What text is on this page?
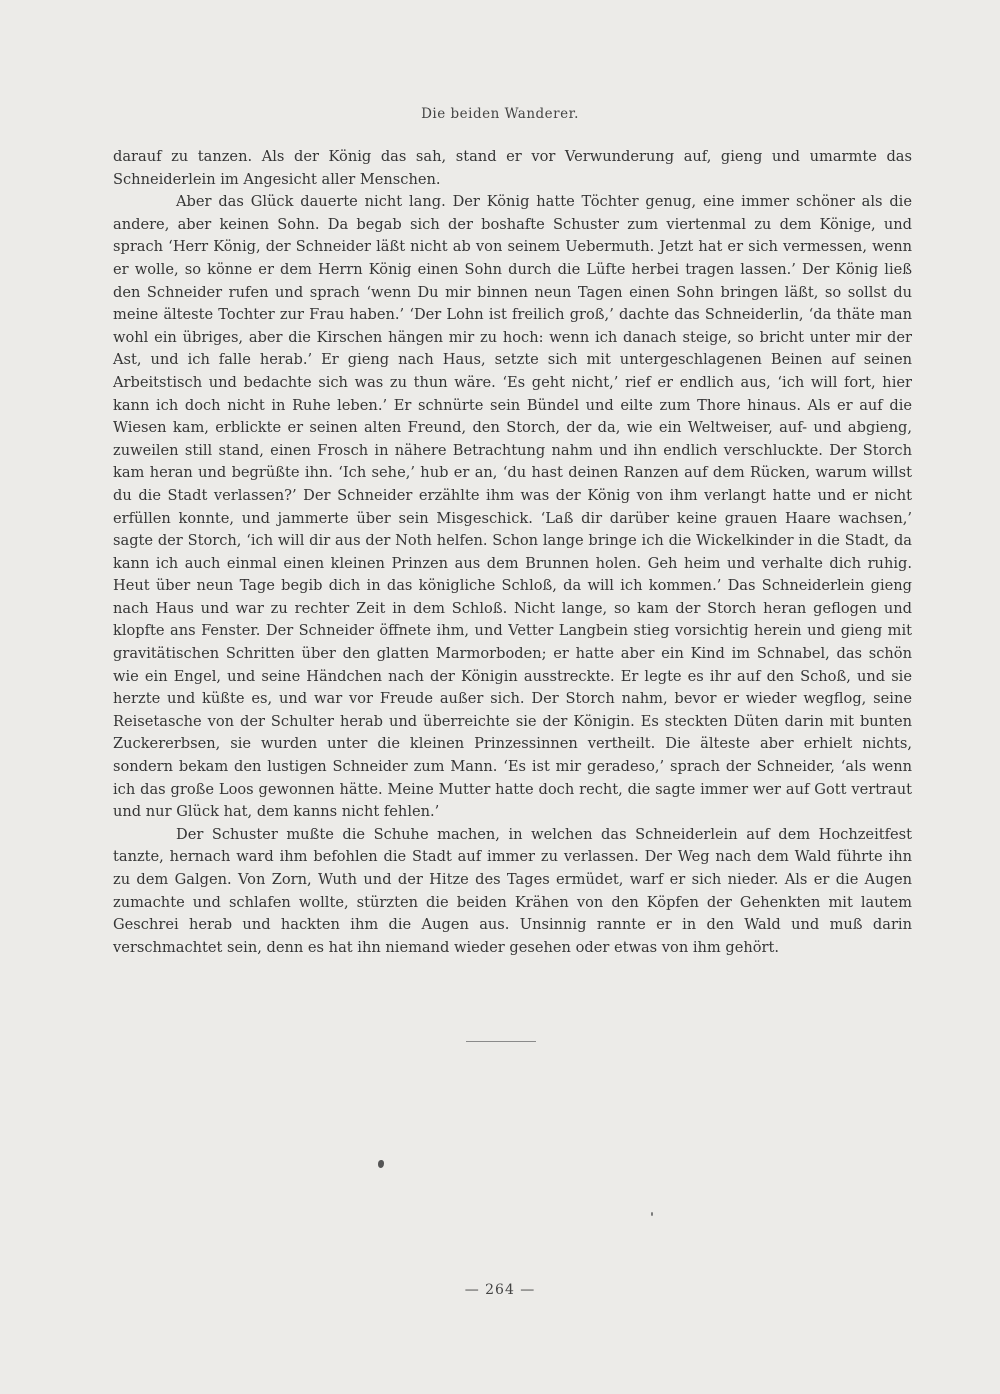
Die beiden Wanderer.

darauf zu tanzen. Als der König das sah, stand er vor Verwunderung auf, gieng und umarmte das Schneiderlein im Angesicht aller Menschen.

Aber das Glück dauerte nicht lang. Der König hatte Töchter genug, eine immer schöner als die andere, aber keinen Sohn. Da begab sich der boshafte Schuster zum viertenmal zu dem Könige, und sprach ‘Herr König, der Schneider läßt nicht ab von seinem Uebermuth. Jetzt hat er sich vermessen, wenn er wolle, so könne er dem Herrn König einen Sohn durch die Lüfte herbei tragen lassen.’ Der König ließ den Schneider rufen und sprach ‘wenn Du mir binnen neun Tagen einen Sohn bringen läßt, so sollst du meine älteste Tochter zur Frau haben.’ ‘Der Lohn ist freilich groß,’ dachte das Schneiderlin, ‘da thäte man wohl ein übriges, aber die Kirschen hängen mir zu hoch: wenn ich danach steige, so bricht unter mir der Ast, und ich falle herab.’ Er gieng nach Haus, setzte sich mit untergeschlagenen Beinen auf seinen Arbeitstisch und bedachte sich was zu thun wäre. ‘Es geht nicht,’ rief er endlich aus, ‘ich will fort, hier kann ich doch nicht in Ruhe leben.’ Er schnürte sein Bündel und eilte zum Thore hinaus. Als er auf die Wiesen kam, erblickte er seinen alten Freund, den Storch, der da, wie ein Weltweiser, auf- und abgieng, zuweilen still stand, einen Frosch in nähere Betrachtung nahm und ihn endlich verschluckte. Der Storch kam heran und begrüßte ihn. ‘Ich sehe,’ hub er an, ‘du hast deinen Ranzen auf dem Rücken, warum willst du die Stadt verlassen?’ Der Schneider erzählte ihm was der König von ihm verlangt hatte und er nicht erfüllen konnte, und jammerte über sein Misgeschick. ‘Laß dir darüber keine grauen Haare wachsen,’ sagte der Storch, ‘ich will dir aus der Noth helfen. Schon lange bringe ich die Wickelkinder in die Stadt, da kann ich auch einmal einen kleinen Prinzen aus dem Brunnen holen. Geh heim und verhalte dich ruhig. Heut über neun Tage begib dich in das königliche Schloß, da will ich kommen.’ Das Schneiderlein gieng nach Haus und war zu rechter Zeit in dem Schloß. Nicht lange, so kam der Storch heran geflogen und klopfte ans Fenster. Der Schneider öffnete ihm, und Vetter Langbein stieg vorsichtig herein und gieng mit gravitätischen Schritten über den glatten Marmorboden; er hatte aber ein Kind im Schnabel, das schön wie ein Engel, und seine Händchen nach der Königin ausstreckte. Er legte es ihr auf den Schoß, und sie herzte und küßte es, und war vor Freude außer sich. Der Storch nahm, bevor er wieder wegflog, seine Reisetasche von der Schulter herab und überreichte sie der Königin. Es steckten Düten darin mit bunten Zuckererbsen, sie wurden unter die kleinen Prinzessinnen vertheilt. Die älteste aber erhielt nichts, sondern bekam den lustigen Schneider zum Mann. ‘Es ist mir geradeso,’ sprach der Schneider, ‘als wenn ich das große Loos gewonnen hätte. Meine Mutter hatte doch recht, die sagte immer wer auf Gott vertraut und nur Glück hat, dem kanns nicht fehlen.’

Der Schuster mußte die Schuhe machen, in welchen das Schneiderlein auf dem Hochzeitfest tanzte, hernach ward ihm befohlen die Stadt auf immer zu verlassen. Der Weg nach dem Wald führte ihn zu dem Galgen. Von Zorn, Wuth und der Hitze des Tages ermüdet, warf er sich nieder. Als er die Augen zumachte und schlafen wollte, stürzten die beiden Krähen von den Köpfen der Gehenkten mit lautem Geschrei herab und hackten ihm die Augen aus. Unsinnig rannte er in den Wald und muß darin verschmachtet sein, denn es hat ihn niemand wieder gesehen oder etwas von ihm gehört.

— 264 —
